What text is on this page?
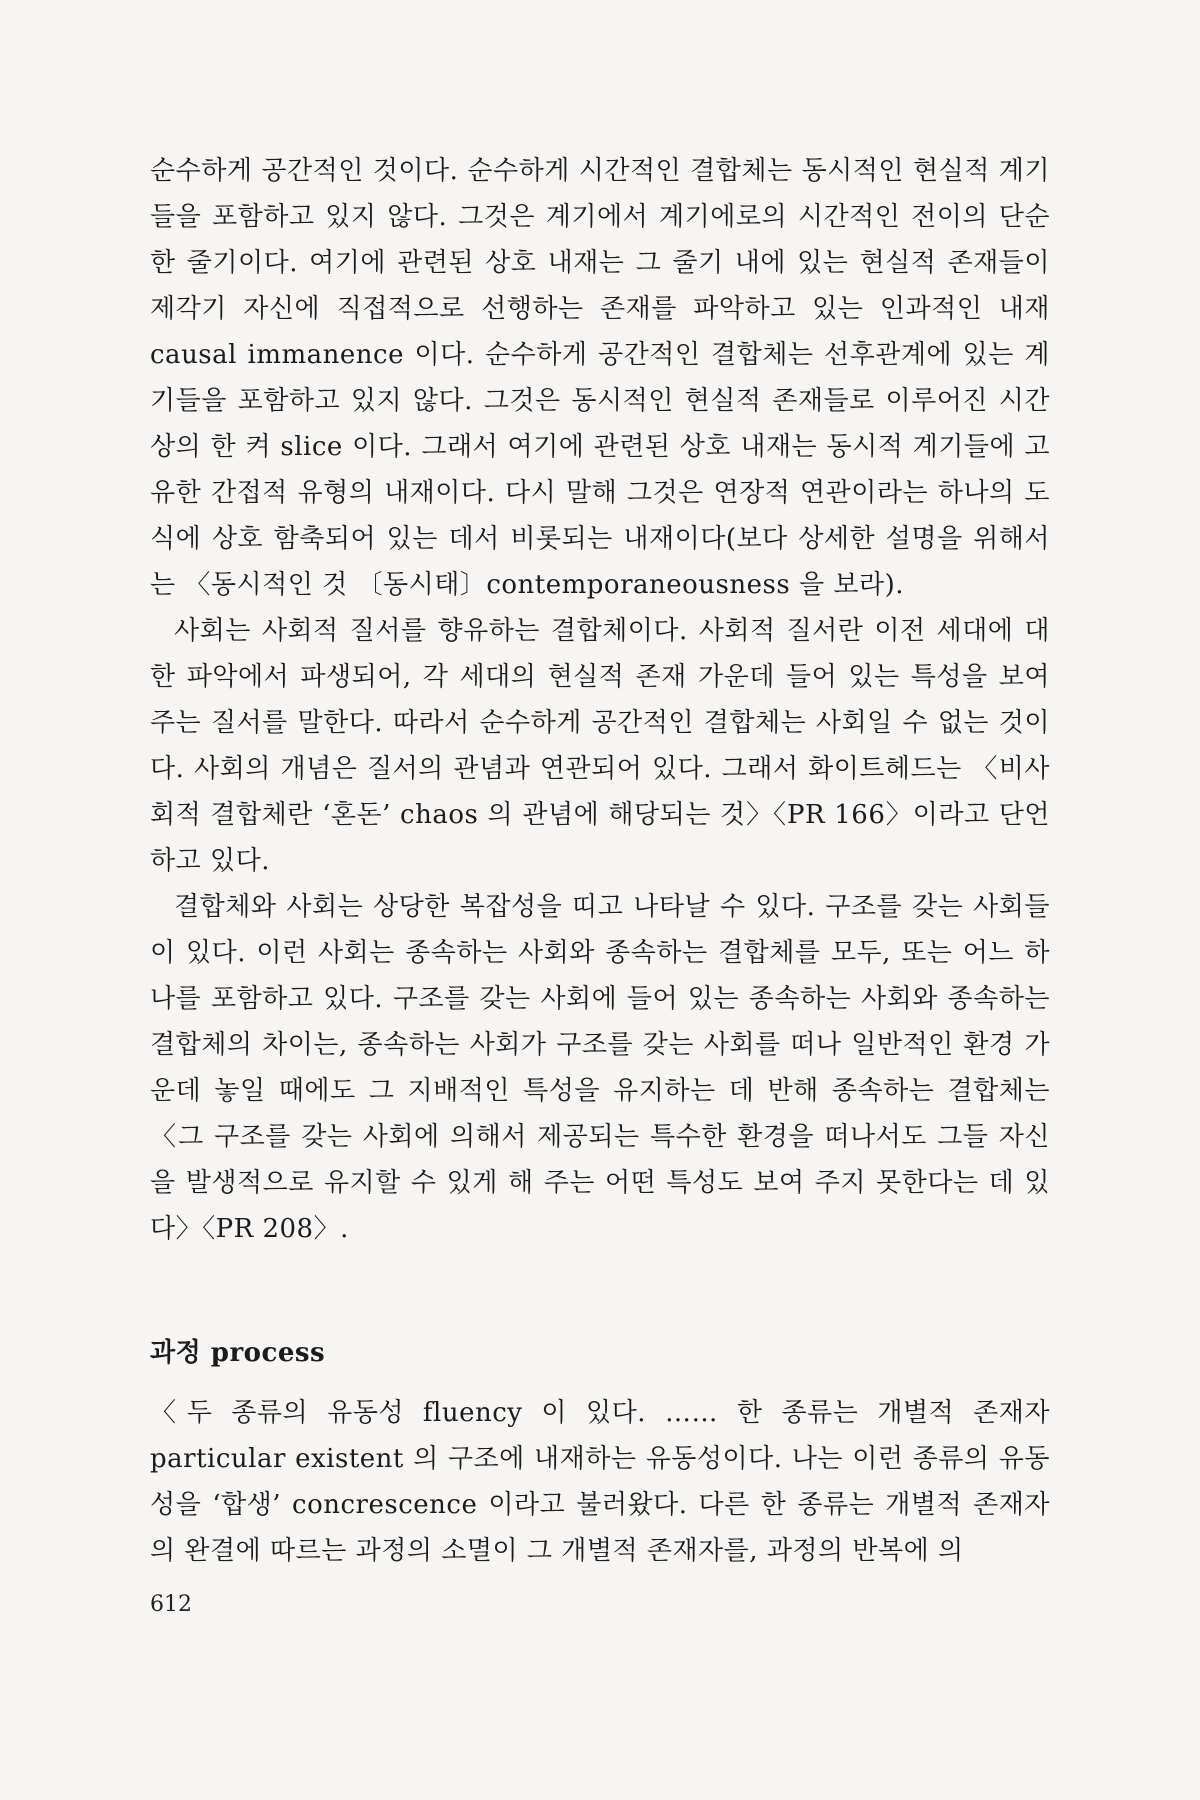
순수하게 공간적인 것이다. 순수하게 시간적인 결합체는 동시적인 현실적 계기들을 포함하고 있지 않다. 그것은 계기에서 계기에로의 시간적인 전이의 단순한 줄기이다. 여기에 관련된 상호 내재는 그 줄기 내에 있는 현실적 존재들이 제각기 자신에 직접적으로 선행하는 존재를 파악하고 있는 인과적인 내재 causal immanence 이다. 순수하게 공간적인 결합체는 선후관계에 있는 계기들을 포함하고 있지 않다. 그것은 동시적인 현실적 존재들로 이루어진 시간상의 한 켜 slice 이다. 그래서 여기에 관련된 상호 내재는 동시적 계기들에 고유한 간접적 유형의 내재이다. 다시 말해 그것은 연장적 연관이라는 하나의 도식에 상호 함축되어 있는 데서 비롯되는 내재이다(보다 상세한 설명을 위해서는 〈동시적인 것 〔동시태〕contemporaneousness 을 보라).

사회는 사회적 질서를 향유하는 결합체이다. 사회적 질서란 이전 세대에 대한 파악에서 파생되어, 각 세대의 현실적 존재 가운데 들어 있는 특성을 보여 주는 질서를 말한다. 따라서 순수하게 공간적인 결합체는 사회일 수 없는 것이다. 사회의 개념은 질서의 관념과 연관되어 있다. 그래서 화이트헤드는 〈비사회적 결합체란 ‘혼돈’ chaos 의 관념에 해당되는 것〉〈PR 166〉이라고 단언하고 있다.

결합체와 사회는 상당한 복잡성을 띠고 나타날 수 있다. 구조를 갖는 사회들이 있다. 이런 사회는 종속하는 사회와 종속하는 결합체를 모두, 또는 어느 하나를 포함하고 있다. 구조를 갖는 사회에 들어 있는 종속하는 사회와 종속하는 결합체의 차이는, 종속하는 사회가 구조를 갖는 사회를 떠나 일반적인 환경 가운데 놓일 때에도 그 지배적인 특성을 유지하는 데 반해 종속하는 결합체는 〈그 구조를 갖는 사회에 의해서 제공되는 특수한 환경을 떠나서도 그들 자신을 발생적으로 유지할 수 있게 해 주는 어떤 특성도 보여 주지 못한다는 데 있다〉〈PR 208〉.

과정 process

〈두 종류의 유동성 fluency 이 있다. …… 한 종류는 개별적 존재자 particular existent 의 구조에 내재하는 유동성이다. 나는 이런 종류의 유동성을 ‘합생’ concrescence 이라고 불러왔다. 다른 한 종류는 개별적 존재자의 완결에 따르는 과정의 소멸이 그 개별적 존재자를, 과정의 반복에 의

612
